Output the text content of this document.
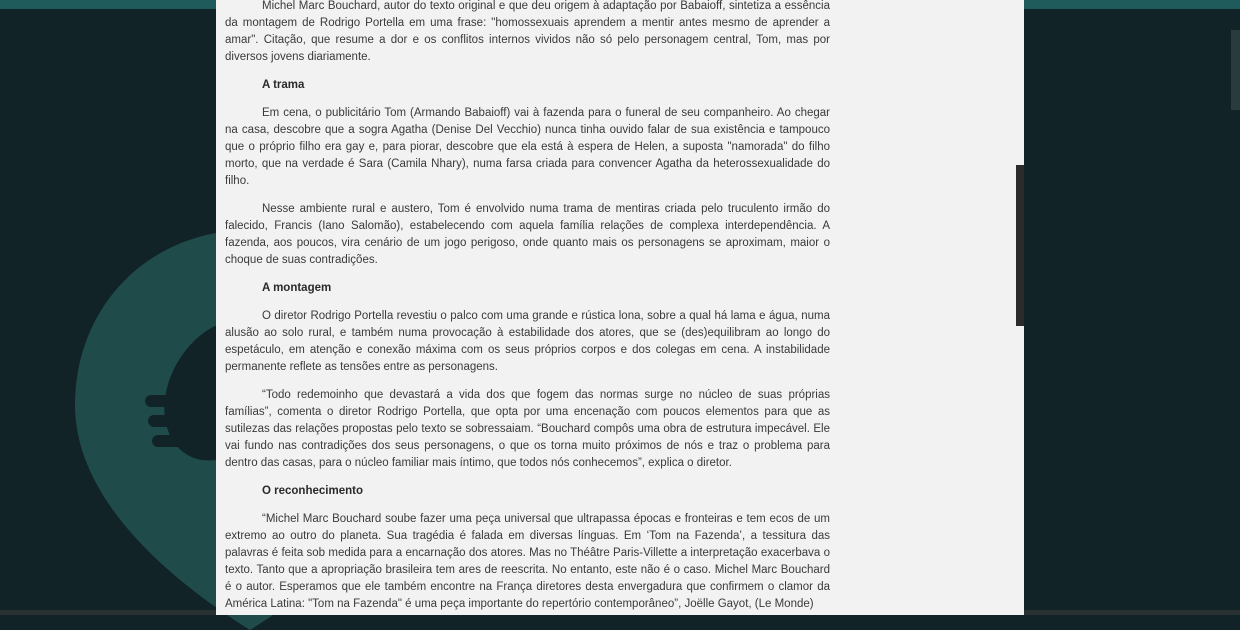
Michel Marc Bouchard, autor do texto original e que deu origem à adaptação por Babaioff, sintetiza a essência da montagem de Rodrigo Portella em uma frase: "homossexuais aprendem a mentir antes mesmo de aprender a amar". Citação, que resume a dor e os conflitos internos vividos não só pelo personagem central, Tom, mas por diversos jovens diariamente.

A trama

Em cena, o publicitário Tom (Armando Babaioff) vai à fazenda para o funeral de seu companheiro. Ao chegar na casa, descobre que a sogra Agatha (Denise Del Vecchio) nunca tinha ouvido falar de sua existência e tampouco que o próprio filho era gay e, para piorar, descobre que ela está à espera de Helen, a suposta "namorada" do filho morto, que na verdade é Sara (Camila Nhary), numa farsa criada para convencer Agatha da heterossexualidade do filho.

Nesse ambiente rural e austero, Tom é envolvido numa trama de mentiras criada pelo truculento irmão do falecido, Francis (Iano Salomão), estabelecendo com aquela família relações de complexa interdependência. A fazenda, aos poucos, vira cenário de um jogo perigoso, onde quanto mais os personagens se aproximam, maior o choque de suas contradições.

A montagem

O diretor Rodrigo Portella revestiu o palco com uma grande e rústica lona, sobre a qual há lama e água, numa alusão ao solo rural, e também numa provocação à estabilidade dos atores, que se (des)equilibram ao longo do espetáculo, em atenção e conexão máxima com os seus próprios corpos e dos colegas em cena. A instabilidade permanente reflete as tensões entre as personagens.

“Todo redemoinho que devastará a vida dos que fogem das normas surge no núcleo de suas próprias famílias”, comenta o diretor Rodrigo Portella, que opta por uma encenação com poucos elementos para que as sutilezas das relações propostas pelo texto se sobressaiam. “Bouchard compôs uma obra de estrutura impecável. Ele vai fundo nas contradições dos seus personagens, o que os torna muito próximos de nós e traz o problema para dentro das casas, para o núcleo familiar mais íntimo, que todos nós conhecemos”, explica o diretor.

O reconhecimento

“Michel Marc Bouchard soube fazer uma peça universal que ultrapassa épocas e fronteiras e tem ecos de um extremo ao outro do planeta. Sua tragédia é falada em diversas línguas. Em ‘Tom na Fazenda’, a tessitura das palavras é feita sob medida para a encarnação dos atores. Mas no Théâtre Paris-Villette a interpretação exacerbava o texto. Tanto que a apropriação brasileira tem ares de reescrita. No entanto, este não é o caso. Michel Marc Bouchard é o autor. Esperamos que ele também encontre na França diretores desta envergadura que confirmem o clamor da América Latina: "Tom na Fazenda" é uma peça importante do repertório contemporâneo”, Joëlle Gayot, (Le Monde)
